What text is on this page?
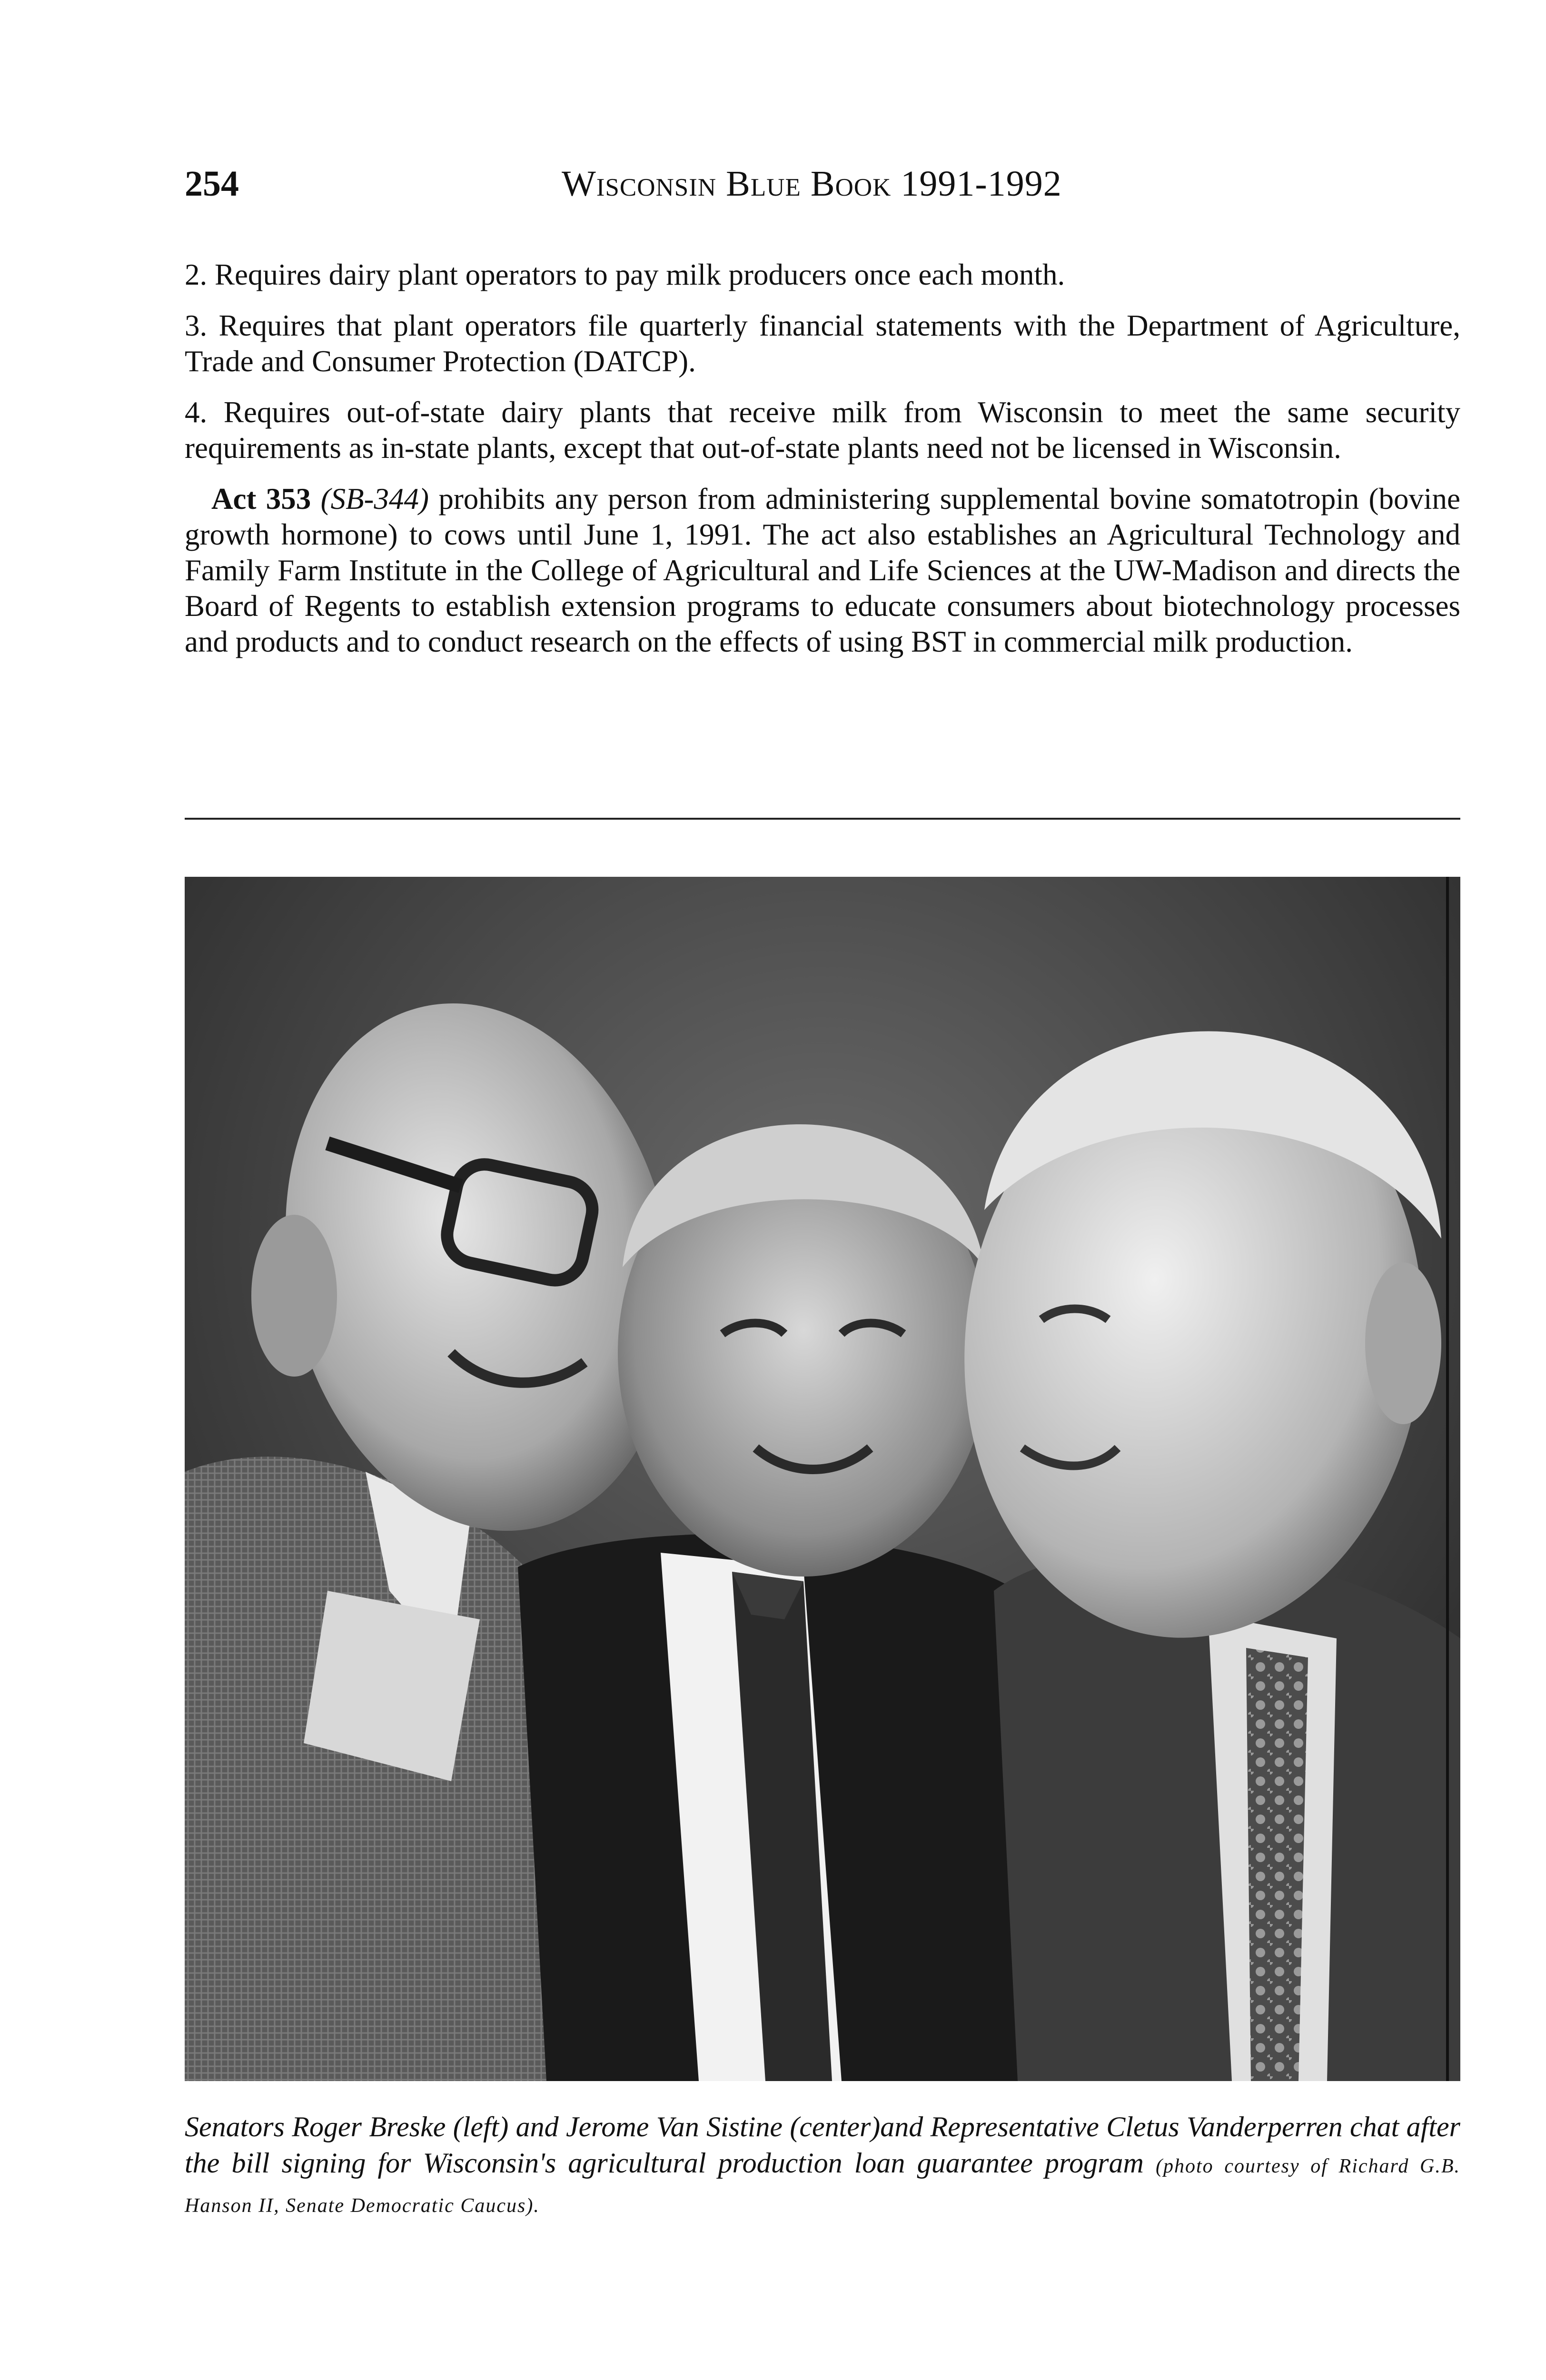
254	Wisconsin Blue Book 1991-1992

2. Requires dairy plant operators to pay milk producers once each month.

3. Requires that plant operators file quarterly financial statements with the Department of Agriculture, Trade and Consumer Protection (DATCP).

4. Requires out-of-state dairy plants that receive milk from Wisconsin to meet the same security requirements as in-state plants, except that out-of-state plants need not be licensed in Wisconsin.

Act 353 (SB-344) prohibits any person from administering supplemental bovine somatotropin (bovine growth hormone) to cows until June 1, 1991. The act also establishes an Agricultural Technology and Family Farm Institute in the College of Agricultural and Life Sciences at the UW-Madison and directs the Board of Regents to establish extension programs to educate consumers about biotechnology processes and products and to conduct research on the effects of using BST in commercial milk production.

Senators Roger Breske (left) and Jerome Van Sistine (center)and Representative Cletus Vanderperren chat after the bill signing for Wisconsin's agricultural production loan guarantee program (photo courtesy of Richard G.B. Hanson II, Senate Democratic Caucus).
